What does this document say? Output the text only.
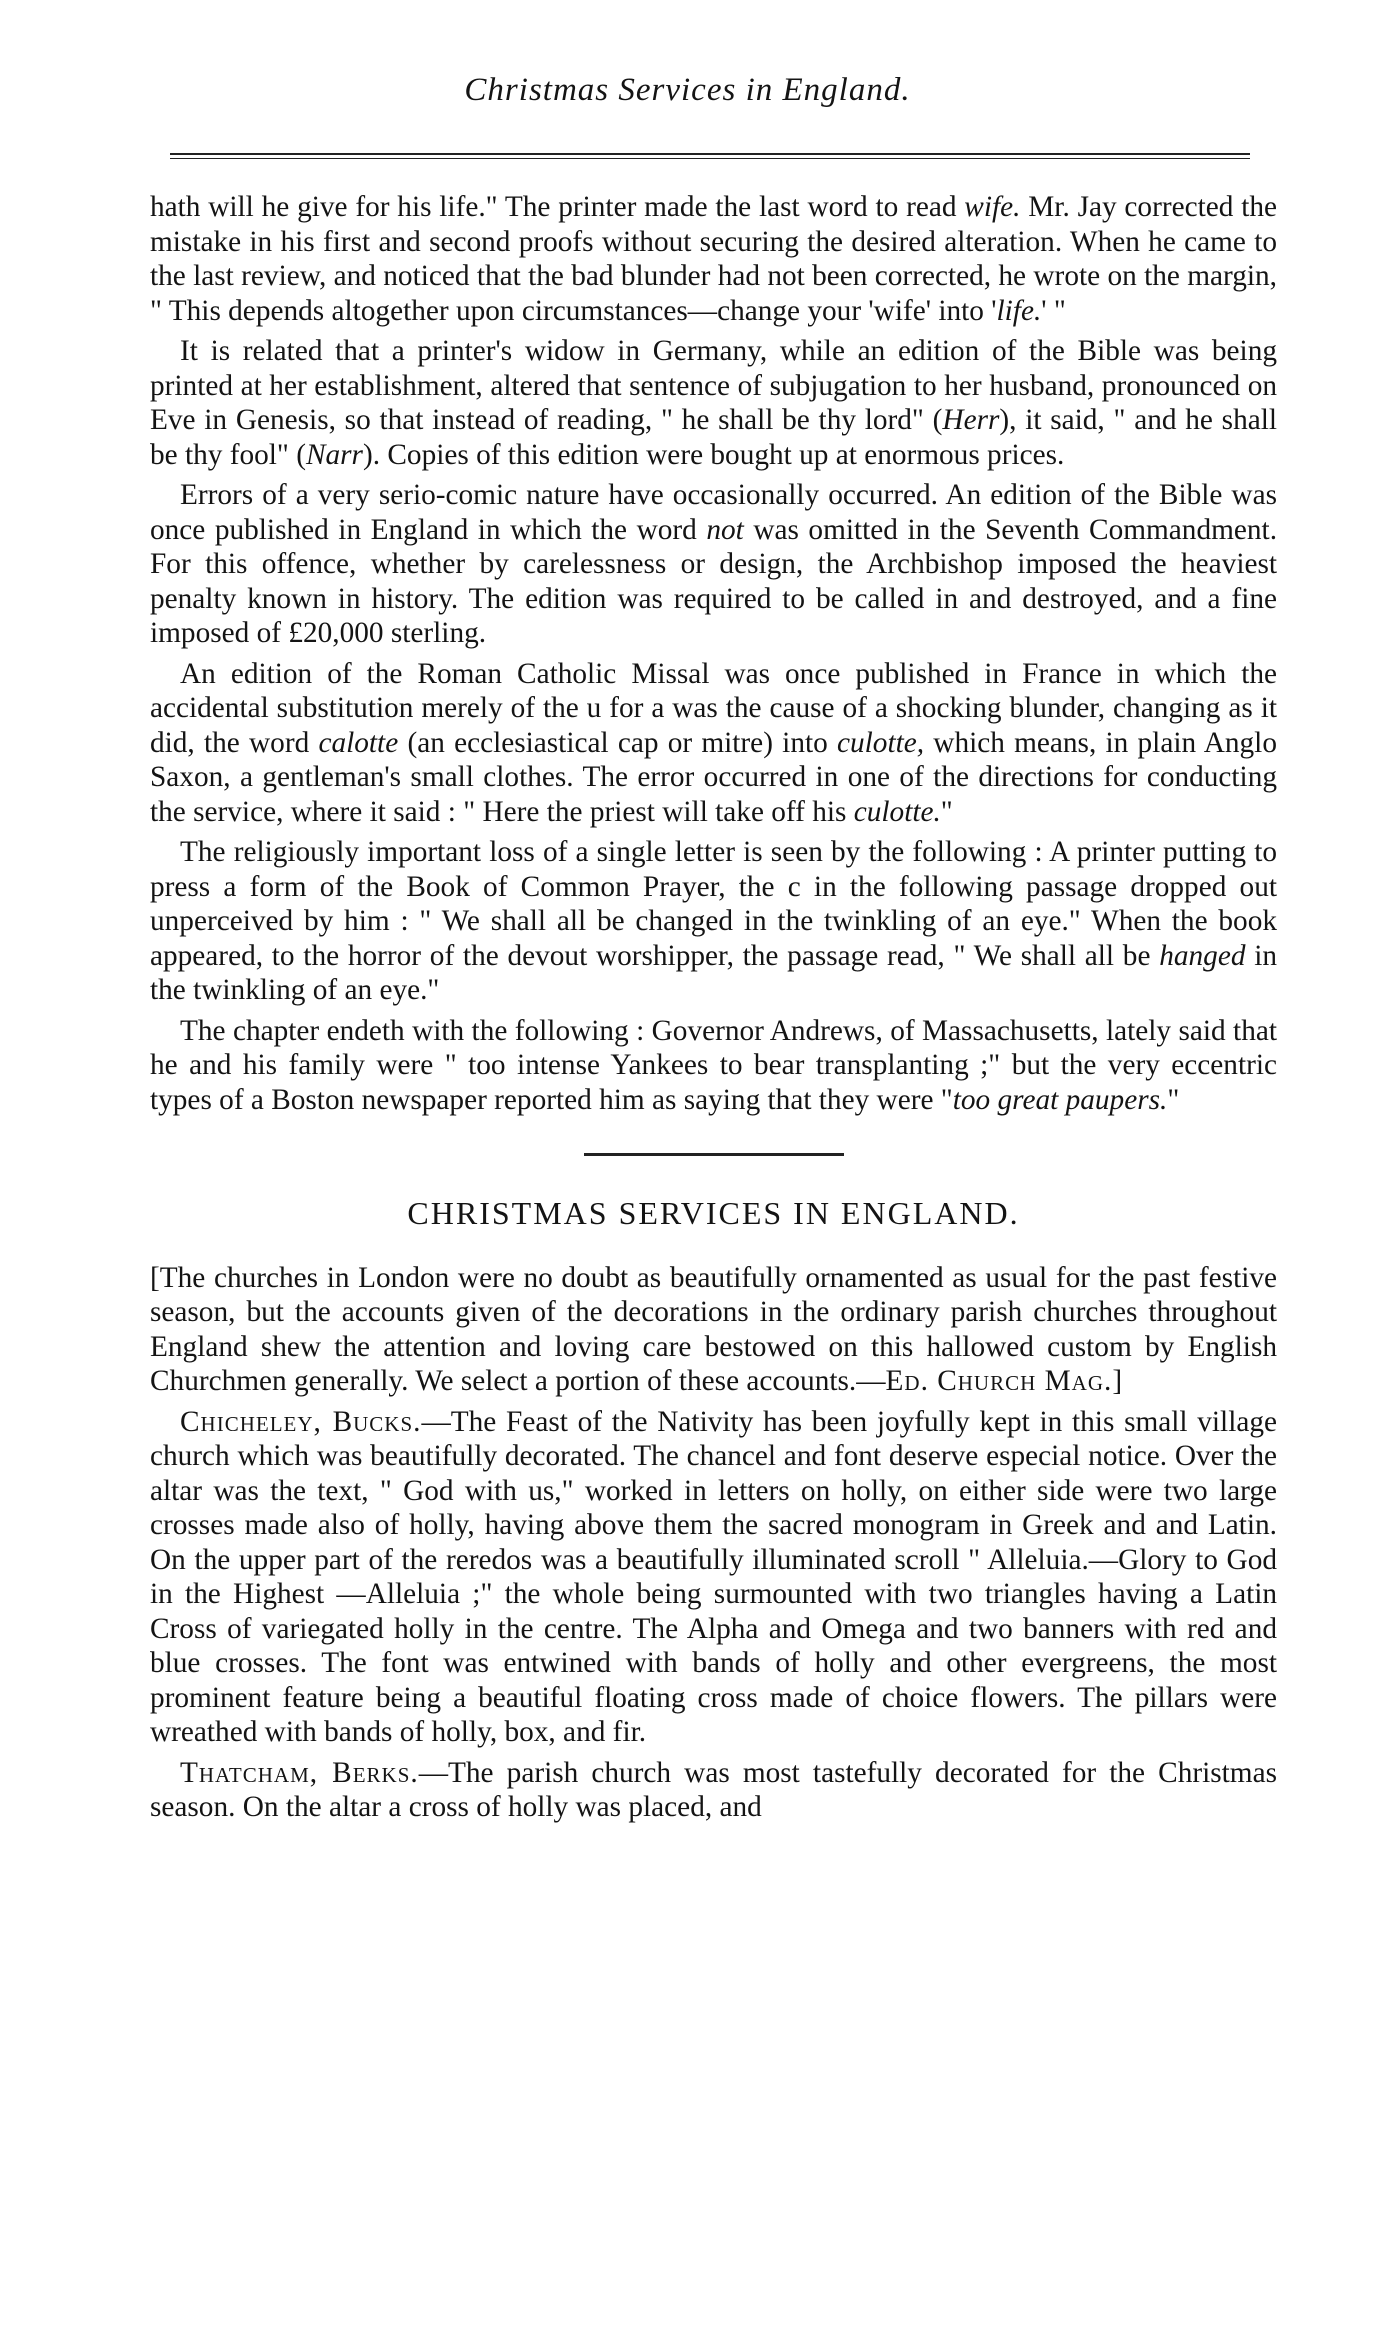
Christmas Services in England.

hath will he give for his life." The printer made the last word to read wife. Mr. Jay corrected the mistake in his first and second proofs without securing the desired alteration. When he came to the last review, and noticed that the bad blunder had not been corrected, he wrote on the margin, " This depends altogether upon circumstances—change your 'wife' into 'life.' "

It is related that a printer's widow in Germany, while an edition of the Bible was being printed at her establishment, altered that sentence of subjugation to her husband, pronounced on Eve in Genesis, so that instead of reading, " he shall be thy lord" (Herr), it said, " and he shall be thy fool" (Narr). Copies of this edition were bought up at enormous prices.

Errors of a very serio-comic nature have occasionally occurred. An edition of the Bible was once published in England in which the word not was omitted in the Seventh Commandment. For this offence, whether by carelessness or design, the Archbishop imposed the heaviest penalty known in history. The edition was required to be called in and destroyed, and a fine imposed of £20,000 sterling.

An edition of the Roman Catholic Missal was once published in France in which the accidental substitution merely of the u for a was the cause of a shocking blunder, changing as it did, the word calotte (an ecclesiastical cap or mitre) into culotte, which means, in plain Anglo Saxon, a gentleman's small clothes. The error occurred in one of the directions for conducting the service, where it said : " Here the priest will take off his culotte."

The religiously important loss of a single letter is seen by the following : A printer putting to press a form of the Book of Common Prayer, the c in the following passage dropped out unperceived by him : " We shall all be changed in the twinkling of an eye." When the book appeared, to the horror of the devout worshipper, the passage read, " We shall all be hanged in the twinkling of an eye."

The chapter endeth with the following : Governor Andrews, of Massachusetts, lately said that he and his family were " too intense Yankees to bear transplanting ;" but the very eccentric types of a Boston newspaper reported him as saying that they were "too great paupers."

CHRISTMAS SERVICES IN ENGLAND.

[The churches in London were no doubt as beautifully ornamented as usual for the past festive season, but the accounts given of the decorations in the ordinary parish churches throughout England shew the attention and loving care bestowed on this hallowed custom by English Churchmen generally. We select a portion of these accounts.—Ed. Church Mag.]

Chicheley, Bucks.—The Feast of the Nativity has been joyfully kept in this small village church which was beautifully decorated. The chancel and font deserve especial notice. Over the altar was the text, " God with us," worked in letters on holly, on either side were two large crosses made also of holly, having above them the sacred monogram in Greek and and Latin. On the upper part of the reredos was a beautifully illuminated scroll " Alleluia.—Glory to God in the Highest —Alleluia ;" the whole being surmounted with two triangles having a Latin Cross of variegated holly in the centre. The Alpha and Omega and two banners with red and blue crosses. The font was entwined with bands of holly and other evergreens, the most prominent feature being a beautiful floating cross made of choice flowers. The pillars were wreathed with bands of holly, box, and fir.

Thatcham, Berks.—The parish church was most tastefully decorated for the Christmas season. On the altar a cross of holly was placed, and
